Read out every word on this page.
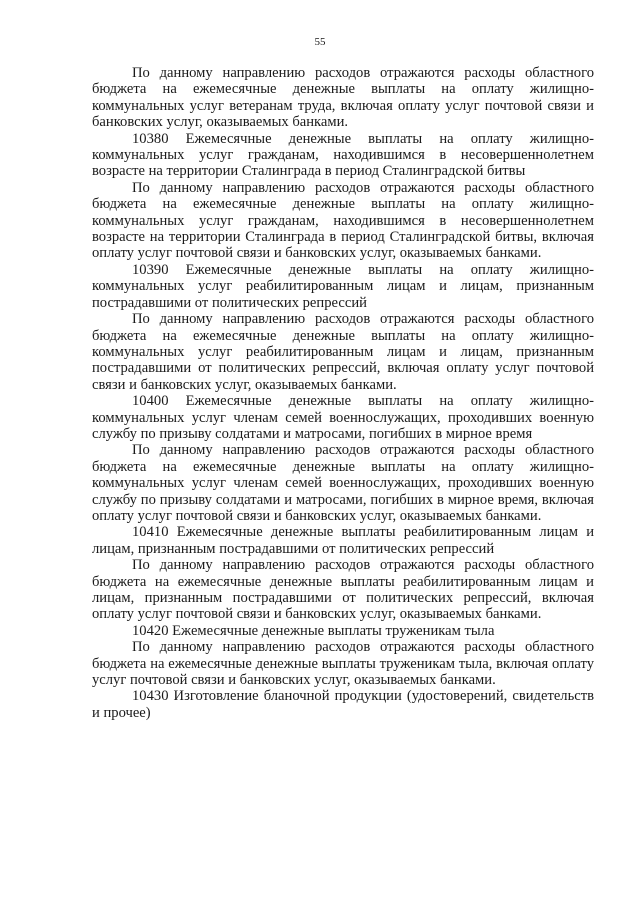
55

По данному направлению расходов отражаются расходы областного бюджета на ежемесячные денежные выплаты на оплату жилищно-коммунальных услуг ветеранам труда, включая оплату услуг почтовой связи и банковских услуг, оказываемых банками.

10380 Ежемесячные денежные выплаты на оплату жилищно-коммунальных услуг гражданам, находившимся в несовершеннолетнем возрасте на территории Сталинграда в период Сталинградской битвы

По данному направлению расходов отражаются расходы областного бюджета на ежемесячные денежные выплаты на оплату жилищно-коммунальных услуг гражданам, находившимся в несовершеннолетнем возрасте на территории Сталинграда в период Сталинградской битвы, включая оплату услуг почтовой связи и банковских услуг, оказываемых банками.

10390 Ежемесячные денежные выплаты на оплату жилищно-коммунальных услуг реабилитированным лицам и лицам, признанным пострадавшими от политических репрессий

По данному направлению расходов отражаются расходы областного бюджета на ежемесячные денежные выплаты на оплату жилищно-коммунальных услуг реабилитированным лицам и лицам, признанным пострадавшими от политических репрессий, включая оплату услуг почтовой связи и банковских услуг, оказываемых банками.

10400 Ежемесячные денежные выплаты на оплату жилищно-коммунальных услуг членам семей военнослужащих, проходивших военную службу по призыву солдатами и матросами, погибших в мирное время

По данному направлению расходов отражаются расходы областного бюджета на ежемесячные денежные выплаты на оплату жилищно-коммунальных услуг членам семей военнослужащих, проходивших военную службу по призыву солдатами и матросами, погибших в мирное время, включая оплату услуг почтовой связи и банковских услуг, оказываемых банками.

10410 Ежемесячные денежные выплаты реабилитированным лицам и лицам, признанным пострадавшими от политических репрессий

По данному направлению расходов отражаются расходы областного бюджета на ежемесячные денежные выплаты реабилитированным лицам и лицам, признанным пострадавшими от политических репрессий, включая оплату услуг почтовой связи и банковских услуг, оказываемых банками.

10420 Ежемесячные денежные выплаты труженикам тыла

По данному направлению расходов отражаются расходы областного бюджета на ежемесячные денежные выплаты труженикам тыла, включая оплату услуг почтовой связи и банковских услуг, оказываемых банками.

10430 Изготовление бланочной продукции (удостоверений, свидетельств и прочее)
